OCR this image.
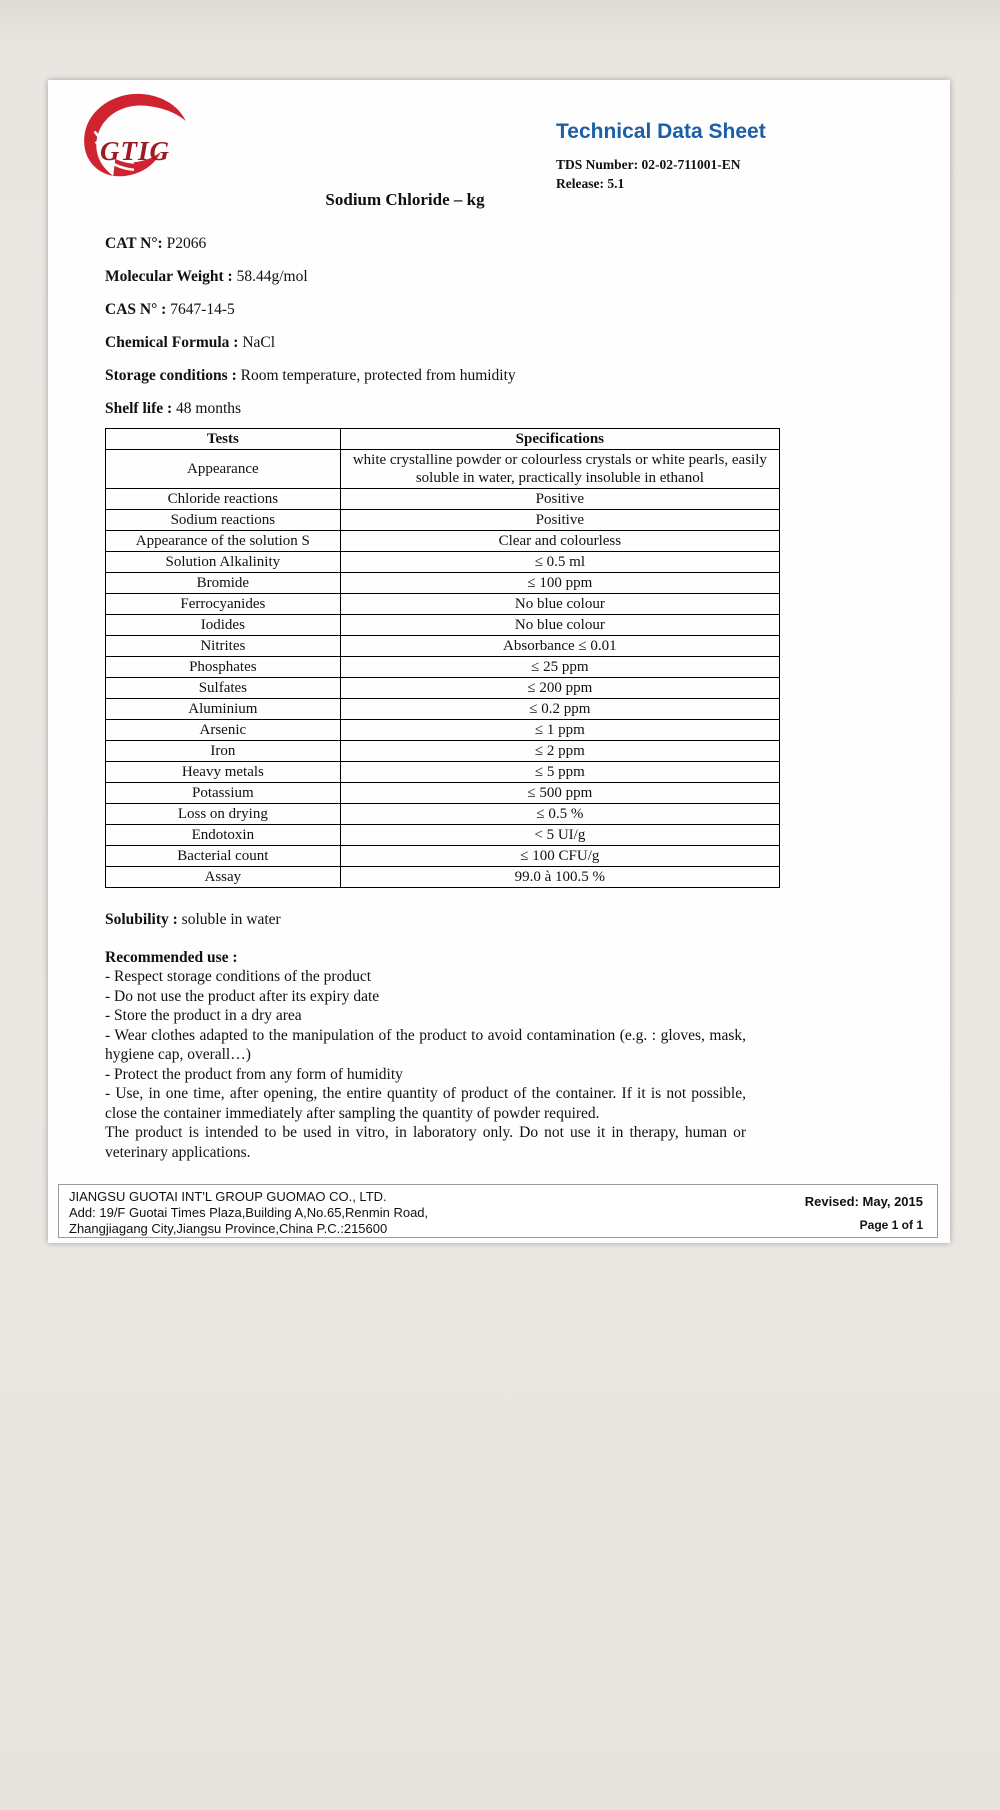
GTIG
Technical Data Sheet
TDS Number: 02-02-711001-EN
Release: 5.1
Sodium Chloride – kg
CAT N°: P2066
Molecular Weight : 58.44g/mol
CAS N° : 7647-14-5
Chemical Formula : NaCl
Storage conditions : Room temperature, protected from humidity
Shelf life : 48 months
Tests	Specifications
Appearance	white crystalline powder or colourless crystals or white pearls, easily soluble in water, practically insoluble in ethanol
Chloride reactions	Positive
Sodium reactions	Positive
Appearance of the solution S	Clear and colourless
Solution Alkalinity	≤ 0.5 ml
Bromide	≤ 100 ppm
Ferrocyanides	No blue colour
Iodides	No blue colour
Nitrites	Absorbance ≤ 0.01
Phosphates	≤ 25 ppm
Sulfates	≤ 200 ppm
Aluminium	≤ 0.2 ppm
Arsenic	≤ 1 ppm
Iron	≤ 2 ppm
Heavy metals	≤ 5 ppm
Potassium	≤ 500 ppm
Loss on drying	≤ 0.5 %
Endotoxin	< 5 UI/g
Bacterial count	≤ 100 CFU/g
Assay	99.0 à 100.5 %
Solubility : soluble in water
Recommended use :
- Respect storage conditions of the product
- Do not use the product after its expiry date
- Store the product in a dry area
- Wear clothes adapted to the manipulation of the product to avoid contamination (e.g. : gloves, mask, hygiene cap, overall…)
- Protect the product from any form of humidity
- Use, in one time, after opening, the entire quantity of product of the container. If it is not possible, close the container immediately after sampling the quantity of powder required.
The product is intended to be used in vitro, in laboratory only. Do not use it in therapy, human or veterinary applications.
JIANGSU GUOTAI INT'L GROUP GUOMAO CO., LTD.
Add: 19/F Guotai Times Plaza,Building A,No.65,Renmin Road,
Zhangjiagang City,Jiangsu Province,China P.C.:215600
Revised: May, 2015
Page 1 of 1
